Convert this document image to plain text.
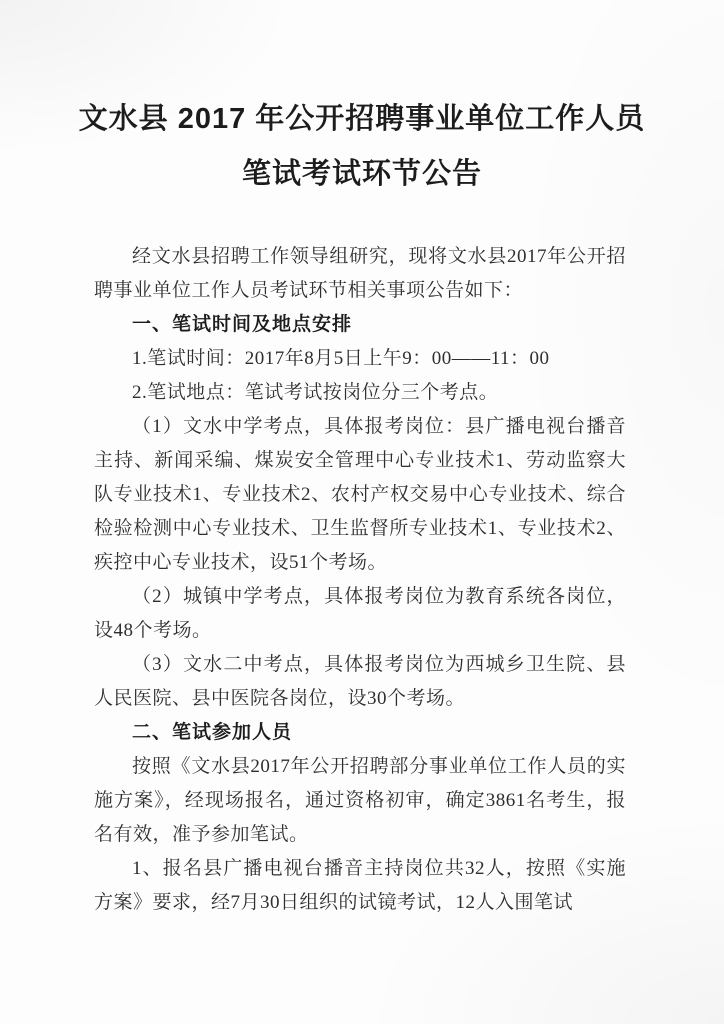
文水县 2017 年公开招聘事业单位工作人员
笔试考试环节公告

经文水县招聘工作领导组研究，现将文水县2017年公开招聘事业单位工作人员考试环节相关事项公告如下：

一、笔试时间及地点安排

1.笔试时间：2017年8月5日上午9：00——11：00

2.笔试地点：笔试考试按岗位分三个考点。

（1）文水中学考点，具体报考岗位：县广播电视台播音主持、新闻采编、煤炭安全管理中心专业技术1、劳动监察大队专业技术1、专业技术2、农村产权交易中心专业技术、综合检验检测中心专业技术、卫生监督所专业技术1、专业技术2、疾控中心专业技术，设51个考场。

（2）城镇中学考点，具体报考岗位为教育系统各岗位，设48个考场。

（3）文水二中考点，具体报考岗位为西城乡卫生院、县人民医院、县中医院各岗位，设30个考场。

二、笔试参加人员

按照《文水县2017年公开招聘部分事业单位工作人员的实施方案》，经现场报名，通过资格初审，确定3861名考生，报名有效，准予参加笔试。

1、报名县广播电视台播音主持岗位共32人，按照《实施方案》要求，经7月30日组织的试镜考试，12人入围笔试
